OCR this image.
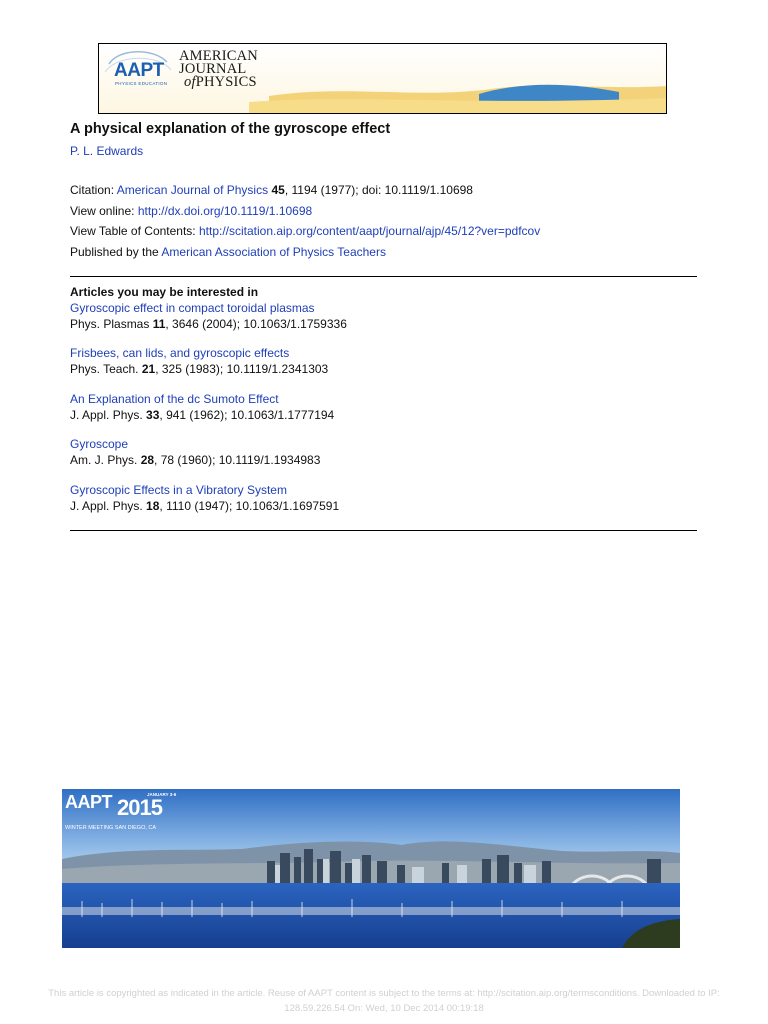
AAPT
PHYSICS EDUCATION
AMERICAN
JOURNAL
ofPHYSICS
A physical explanation of the gyroscope effect
P. L. Edwards
Citation: American Journal of Physics 45, 1194 (1977); doi: 10.1119/1.10698
View online: http://dx.doi.org/10.1119/1.10698
View Table of Contents: http://scitation.aip.org/content/aapt/journal/ajp/45/12?ver=pdfcov
Published by the American Association of Physics Teachers
Articles you may be interested in
Gyroscopic effect in compact toroidal plasmas
Phys. Plasmas 11, 3646 (2004); 10.1063/1.1759336
Frisbees, can lids, and gyroscopic effects
Phys. Teach. 21, 325 (1983); 10.1119/1.2341303
An Explanation of the dc Sumoto Effect
J. Appl. Phys. 33, 941 (1962); 10.1063/1.1777194
Gyroscope
Am. J. Phys. 28, 78 (1960); 10.1119/1.1934983
Gyroscopic Effects in a Vibratory System
J. Appl. Phys. 18, 1110 (1947); 10.1063/1.1697591
AAPT 2015
JANUARY 3-6
WINTER MEETING SAN DIEGO, CA
This article is copyrighted as indicated in the article. Reuse of AAPT content is subject to the terms at: http://scitation.aip.org/termsconditions. Downloaded to IP:
128.59.226.54 On: Wed, 10 Dec 2014 00:19:18
